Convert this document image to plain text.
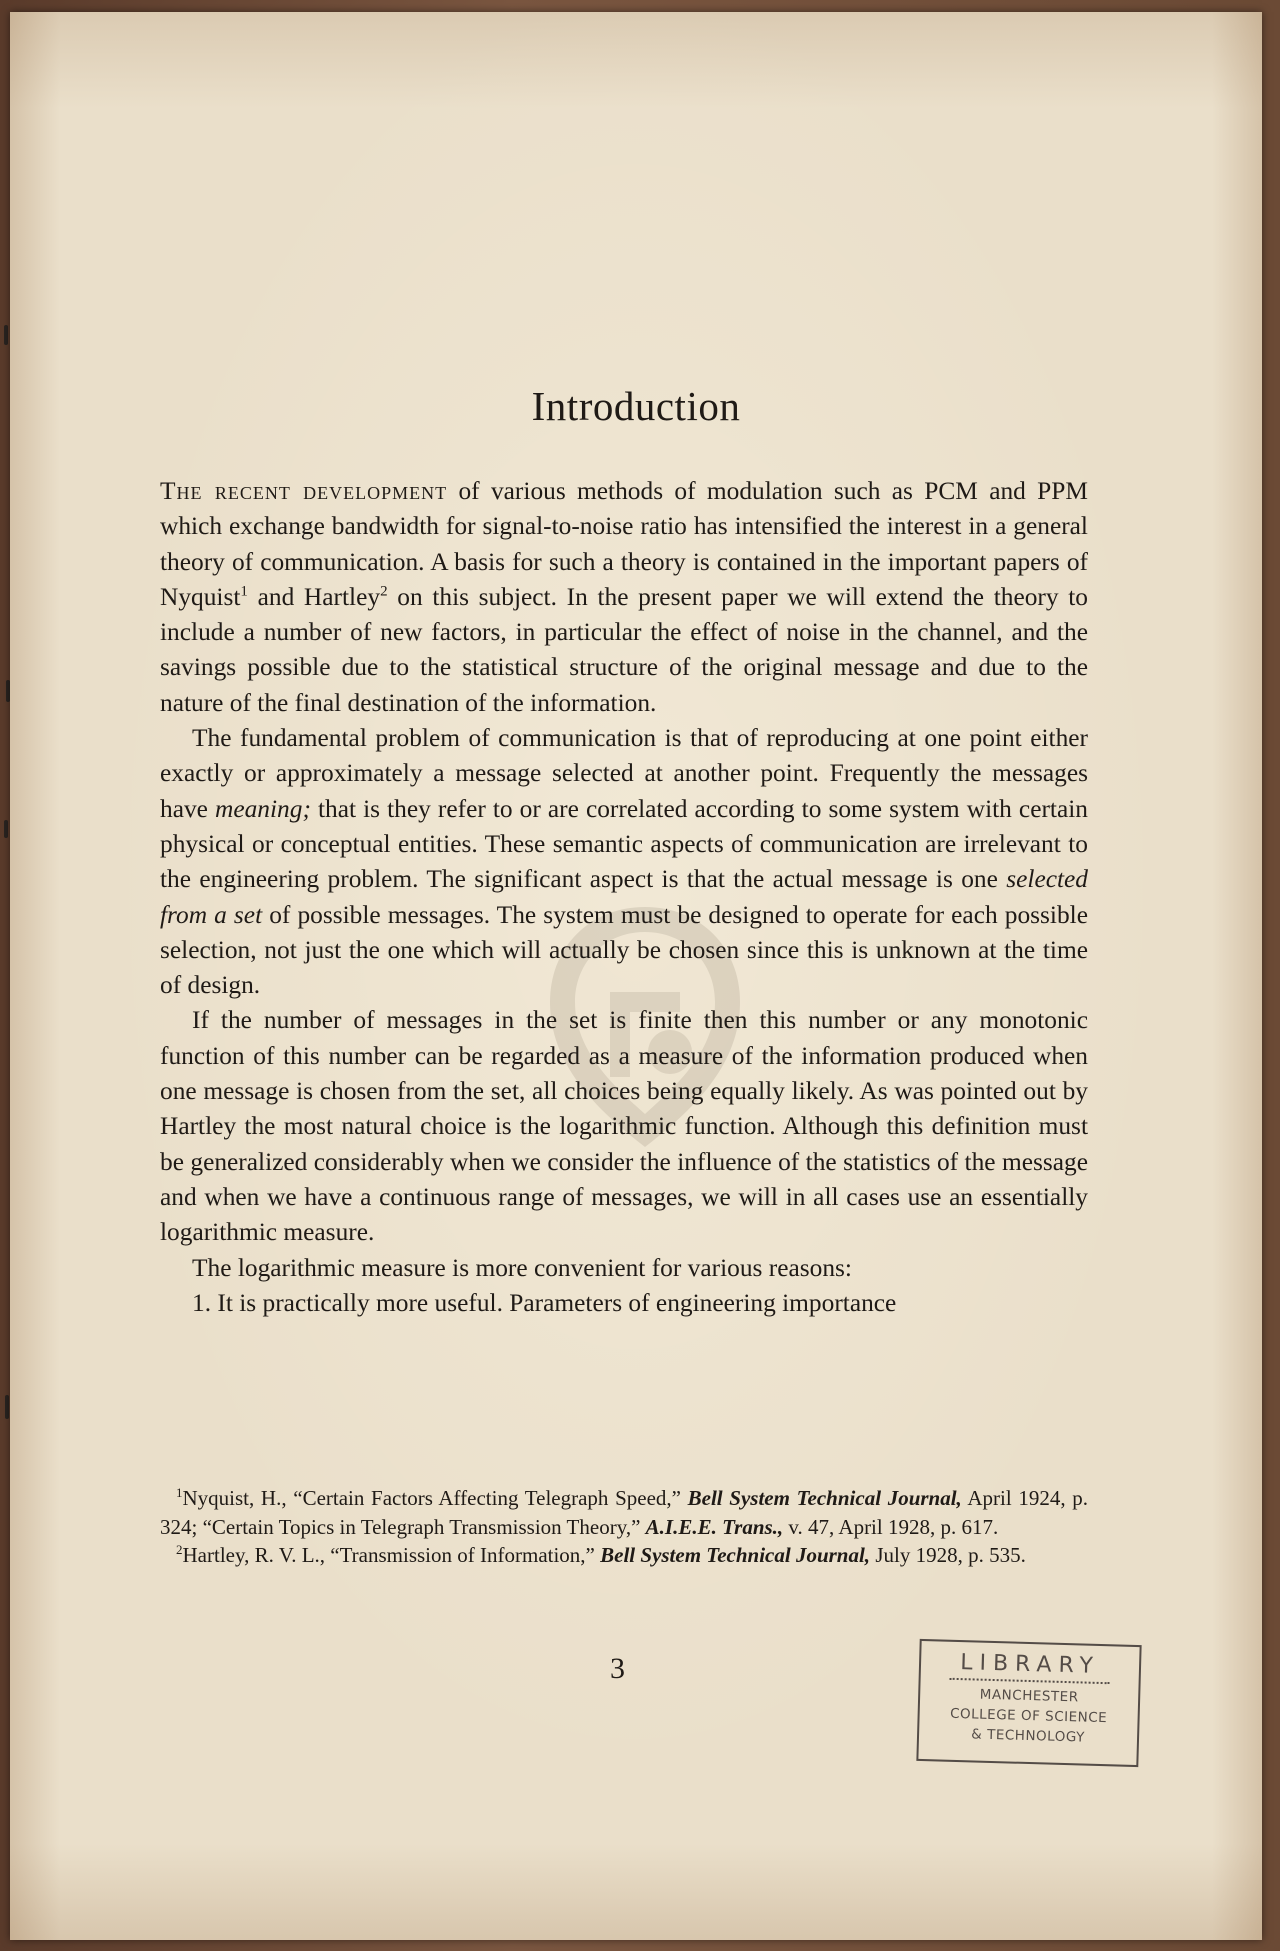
Introduction

The recent development of various methods of modulation such as PCM and PPM which exchange bandwidth for signal-to-noise ratio has intensified the interest in a general theory of communication. A basis for such a theory is contained in the important papers of Nyquist$^1$ and Hartley$^2$ on this subject. In the present paper we will extend the theory to include a number of new factors, in particular the effect of noise in the channel, and the savings possible due to the statistical structure of the original message and due to the nature of the final destination of the information.

The fundamental problem of communication is that of reproducing at one point either exactly or approximately a message selected at another point. Frequently the messages have meaning; that is they refer to or are correlated according to some system with certain physical or conceptual entities. These semantic aspects of communication are irrelevant to the engineering problem. The significant aspect is that the actual message is one selected from a set of possible messages. The system must be designed to operate for each possible selection, not just the one which will actually be chosen since this is unknown at the time of design.

If the number of messages in the set is finite then this number or any monotonic function of this number can be regarded as a measure of the information produced when one message is chosen from the set, all choices being equally likely. As was pointed out by Hartley the most natural choice is the logarithmic function. Although this definition must be generalized considerably when we consider the influence of the statistics of the message and when we have a continuous range of messages, we will in all cases use an essentially logarithmic measure.

The logarithmic measure is more convenient for various reasons:

1. It is practically more useful. Parameters of engineering importance

$^1$Nyquist, H., “Certain Factors Affecting Telegraph Speed,” Bell System Technical Journal, April 1924, p. 324; “Certain Topics in Telegraph Transmission Theory,” A.I.E.E. Trans., v. 47, April 1928, p. 617.

$^2$Hartley, R. V. L., “Transmission of Information,” Bell System Technical Journal, July 1928, p. 535.

3	LIBRARY
MANCHESTER
COLLEGE OF SCIENCE
& TECHNOLOGY
